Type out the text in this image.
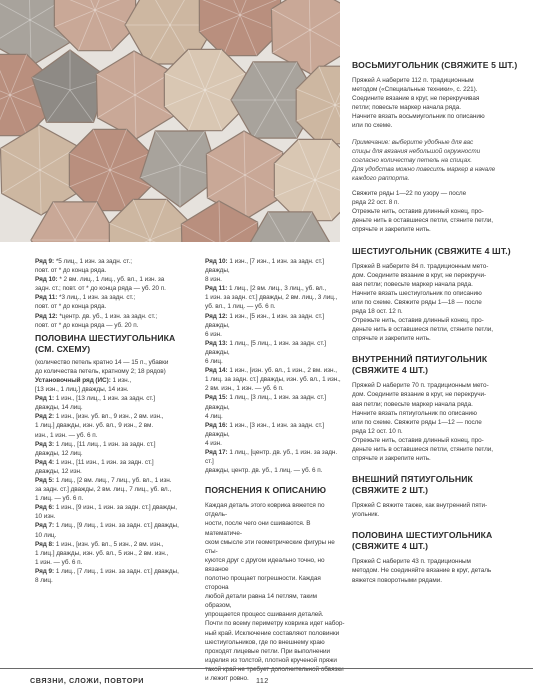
Ряд 9: *5 лиц., 1 изн. за задн. ст.;

повт. от * до конца ряда.

Ряд 10: * 2 вм. лиц., 1 лиц., уб. вл., 1 изн. за

задн. ст.; повт. от * до конца ряда — уб. 20 п.

Ряд 11: *3 лиц., 1 изн. за задн. ст.;

повт. от * до конца ряда.

Ряд 12: *центр. дв. уб., 1 изн. за задн. ст.;

повт. от * до конца ряда — уб. 20 п.

ПОЛОВИНА ШЕСТИУГОЛЬНИКА (СМ. СХЕМУ)

(количество петель кратно 14 — 15 п., убавки

до количества петель, кратному 2; 18 рядов)

Установочный ряд (ИС): 1 изн.,

[13 изн., 1 лиц.] дважды, 14 изн.

Ряд 1: 1 изн., [13 лиц., 1 изн. за задн. ст.]

дважды, 14 лиц.

Ряд 2: 1 изн., [изн. уб. вл., 9 изн., 2 вм. изн.,

1 лиц.] дважды, изн. уб. вл., 9 изн., 2 вм.

изн., 1 изн. — уб. 6 п.

Ряд 3: 1 лиц., [11 лиц., 1 изн. за задн. ст.]

дважды, 12 лиц.

Ряд 4: 1 изн., [11 изн., 1 изн. за задн. ст.]

дважды, 12 изн.

Ряд 5: 1 лиц., [2 вм. лиц., 7 лиц., уб. вл., 1 изн.

за задн. ст.] дважды, 2 вм. лиц., 7 лиц., уб. вл.,

1 лиц. — уб. 6 п.

Ряд 6: 1 изн., [9 изн., 1 изн. за задн. ст.] дважды,

10 изн.

Ряд 7: 1 лиц., [9 лиц., 1 изн. за задн. ст.] дважды,

10 лиц.

Ряд 8: 1 изн., [изн. уб. вл., 5 изн., 2 вм. изн.,

1 лиц.] дважды, изн. уб. вл., 5 изн., 2 вм. изн.,

1 изн. — уб. 6 п.

Ряд 9: 1 лиц., [7 лиц., 1 изн. за задн. ст.] дважды,

8 лиц.

Ряд 10: 1 изн., [7 изн., 1 изн. за задн. ст.] дважды,

8 изн.

Ряд 11: 1 лиц., [2 вм. лиц., 3 лиц., уб. вл.,

1 изн. за задн. ст.] дважды, 2 вм. лиц., 3 лиц.,

уб. вл., 1 лиц. — уб. 6 п.

Ряд 12: 1 изн., [5 изн., 1 изн. за задн. ст.] дважды,

6 изн.

Ряд 13: 1 лиц., [5 лиц., 1 изн. за задн. ст.] дважды,

6 лиц.

Ряд 14: 1 изн., [изн. уб. вл., 1 изн., 2 вм. изн.,

1 лиц. за задн. ст.] дважды, изн. уб. вл., 1 изн.,

2 вм. изн., 1 изн. — уб. 6 п.

Ряд 15: 1 лиц., [3 лиц., 1 изн. за задн. ст.] дважды,

4 лиц.

Ряд 16: 1 изн., [3 изн., 1 изн. за задн. ст.] дважды,

4 изн.

Ряд 17: 1 лиц., [центр. дв. уб., 1 изн. за задн. ст.]

дважды, центр. дв. уб., 1 лиц. — уб. 6 п.

ПОЯСНЕНИЯ К ОПИСАНИЮ

Каждая деталь этого коврика вяжется по отдель-

ности, после чего они сшиваются. В математиче-

ском смысле эти геометрические фигуры не сты-

куются друг с другом идеально точно, но вязаное

полотно прощает погрешности. Каждая сторона

любой детали равна 14 петлям, таким образом,

упрощается процесс сшивания деталей.

Почти по всему периметру коврика идет набор-

ный край. Исключение составляют половинки

шестиугольников, где по внешнему краю

проходят лицевые петли. При выполнении

изделия из толстой, плотной крученой пряжи

такой край не требует дополнительной обвязки

и лежит ровно.

ВОСЬМИУГОЛЬНИК (СВЯЖИТЕ 5 ШТ.)

Пряжей А наберите 112 п. традиционным

методом («Специальные техники», с. 221).

Соедините вязание в круг, не перекручивая

петли; повесьте маркер начала ряда.

Начните вязать восьмиугольник по описанию

или по схеме.

Примечание: выберите удобные для вас

спицы для вязания небольшой окружности

согласно количеству петель на спицах.

Для удобства можно повесить маркер в начале

каждого раппорта.

Свяжите ряды 1—22 по узору — после

ряда 22 ост. 8 п.

Отрежьте нить, оставив длинный конец, про-

деньте нить в оставшиеся петли, стяните петли,

спрячьте и закрепите нить.

ШЕСТИУГОЛЬНИК (СВЯЖИТЕ 4 ШТ.)

Пряжей В наберите 84 п. традиционным мето-

дом. Соедините вязание в круг, не перекручи-

вая петли; повесьте маркер начала ряда.

Начните вязать шестиугольник по описанию

или по схеме. Свяжите ряды 1—18 — после

ряда 18 ост. 12 п.

Отрежьте нить, оставив длинный конец, про-

деньте нить в оставшиеся петли, стяните петли,

спрячьте и закрепите нить.

ВНУТРЕННИЙ ПЯТИУГОЛЬНИК (СВЯЖИТЕ 4 ШТ.)

Пряжей D наберите 70 п. традиционным мето-

дом. Соедините вязание в круг, не перекручи-

вая петли; повесьте маркер начала ряда.

Начните вязать пятиугольник по описанию

или по схеме. Свяжите ряды 1—12 — после

ряда 12 ост. 10 п.

Отрежьте нить, оставив длинный конец, про-

деньте нить в оставшиеся петли, стяните петли,

спрячьте и закрепите нить.

ВНЕШНИЙ ПЯТИУГОЛЬНИК (СВЯЖИТЕ 2 ШТ.)

Пряжей С вяжите также, как внутренний пяти-

угольник.

ПОЛОВИНА ШЕСТИУГОЛЬНИКА (СВЯЖИТЕ 4 ШТ.)

Пряжей С наберите 43 п. традиционным

методом. Не соединяйте вязание в круг, деталь

вяжется поворотными рядами.

СВЯЗНИ, СЛОЖИ, ПОВТОРИ	112
